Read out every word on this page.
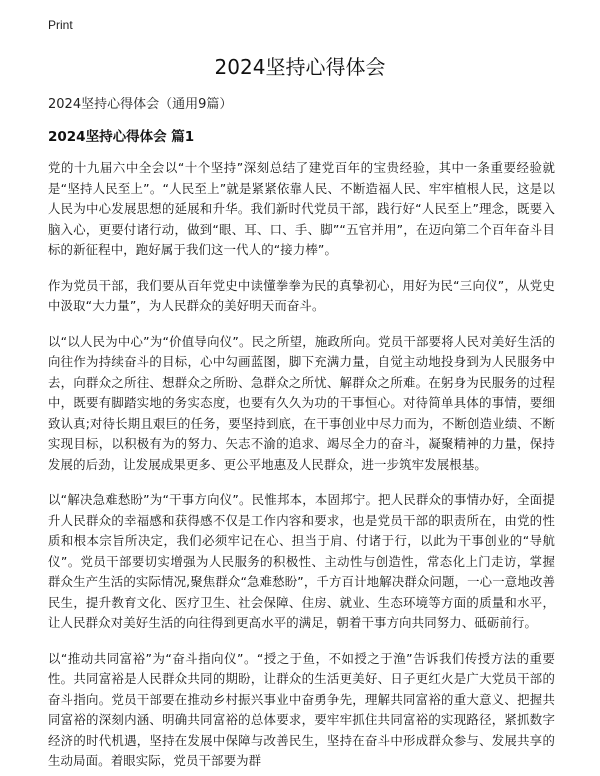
Print
2024坚持心得体会
2024坚持心得体会（通用9篇）
2024坚持心得体会 篇1

党的十九届六中全会以“十个坚持”深刻总结了建党百年的宝贵经验，其中一条重要经验就是“坚持人民至上”。“人民至上”就是紧紧依靠人民、不断造福人民、牢牢植根人民，这是以人民为中心发展思想的延展和升华。我们新时代党员干部，践行好“人民至上”理念，既要入脑入心，更要付诸行动，做到“眼、耳、口、手、脚”“五官并用”，在迈向第二个百年奋斗目标的新征程中，跑好属于我们这一代人的“接力棒”。

作为党员干部，我们要从百年党史中读懂拳拳为民的真挚初心，用好为民“三向仪”，从党史中汲取“大力量”，为人民群众的美好明天而奋斗。

以“以人民为中心”为“价值导向仪”。民之所望，施政所向。党员干部要将人民对美好生活的向往作为持续奋斗的目标，心中勾画蓝图，脚下充满力量，自觉主动地投身到为人民服务中去，向群众之所往、想群众之所盼、急群众之所忧、解群众之所难。在躬身为民服务的过程中，既要有脚踏实地的务实态度，也要有久久为功的干事恒心。对待简单具体的事情，要细致认真;对待长期且艰巨的任务，要坚持到底，在干事创业中尽力而为，不断创造业绩、不断实现目标，以积极有为的努力、矢志不渝的追求、竭尽全力的奋斗，凝聚精神的力量，保持发展的后劲，让发展成果更多、更公平地惠及人民群众，进一步筑牢发展根基。

以“解决急难愁盼”为“干事方向仪”。民惟邦本，本固邦宁。把人民群众的事情办好，全面提升人民群众的幸福感和获得感不仅是工作内容和要求，也是党员干部的职责所在，由党的性质和根本宗旨所决定，我们必须牢记在心、担当于肩、付诸于行，以此为干事创业的“导航仪”。党员干部要切实增强为人民服务的积极性、主动性与创造性，常态化上门走访，掌握群众生产生活的实际情况,聚焦群众“急难愁盼”，千方百计地解决群众问题，一心一意地改善民生，提升教育文化、医疗卫生、社会保障、住房、就业、生态环境等方面的质量和水平，让人民群众对美好生活的向往得到更高水平的满足，朝着干事方向共同努力、砥砺前行。

以“推动共同富裕”为“奋斗指向仪”。“授之于鱼，不如授之于渔”告诉我们传授方法的重要性。共同富裕是人民群众共同的期盼，让群众的生活更美好、日子更红火是广大党员干部的奋斗指向。党员干部要在推动乡村振兴事业中奋勇争先，理解共同富裕的重大意义、把握共同富裕的深刻内涵、明确共同富裕的总体要求，要牢牢抓住共同富裕的实现路径，紧抓数字经济的时代机遇，坚持在发展中保障与改善民生，坚持在奋斗中形成群众参与、发展共享的生动局面。着眼实际，党员干部要为群
